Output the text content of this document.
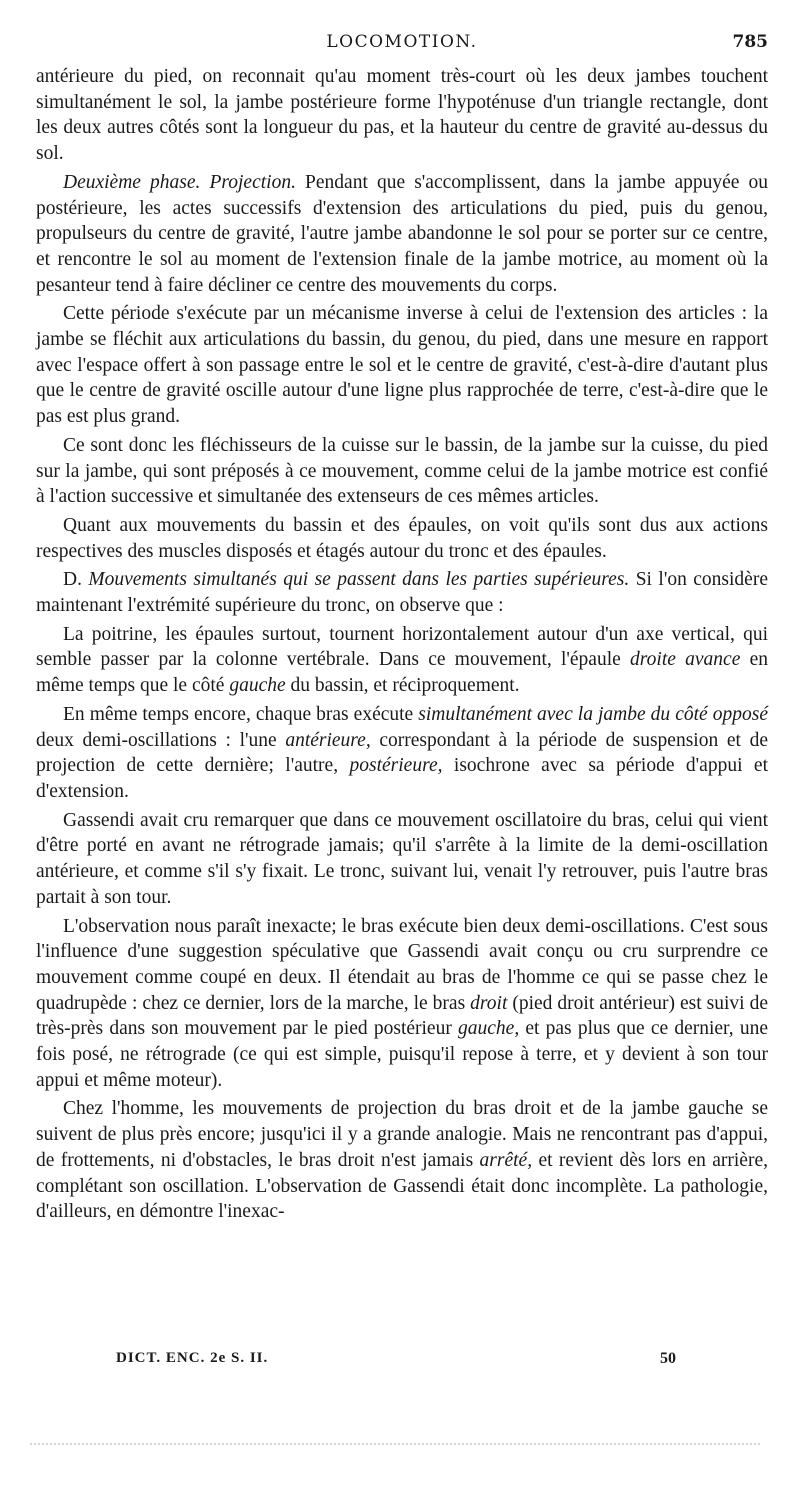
LOCOMOTION.	785

antérieure du pied, on reconnait qu'au moment très-court où les deux jambes touchent simultanément le sol, la jambe postérieure forme l'hypoténuse d'un triangle rectangle, dont les deux autres côtés sont la longueur du pas, et la hauteur du centre de gravité au-dessus du sol.

Deuxième phase. Projection. Pendant que s'accomplissent, dans la jambe appuyée ou postérieure, les actes successifs d'extension des articulations du pied, puis du genou, propulseurs du centre de gravité, l'autre jambe abandonne le sol pour se porter sur ce centre, et rencontre le sol au moment de l'extension finale de la jambe motrice, au moment où la pesanteur tend à faire décliner ce centre des mouvements du corps.

Cette période s'exécute par un mécanisme inverse à celui de l'extension des articles : la jambe se fléchit aux articulations du bassin, du genou, du pied, dans une mesure en rapport avec l'espace offert à son passage entre le sol et le centre de gravité, c'est-à-dire d'autant plus que le centre de gravité oscille autour d'une ligne plus rapprochée de terre, c'est-à-dire que le pas est plus grand.

Ce sont donc les fléchisseurs de la cuisse sur le bassin, de la jambe sur la cuisse, du pied sur la jambe, qui sont préposés à ce mouvement, comme celui de la jambe motrice est confié à l'action successive et simultanée des extenseurs de ces mêmes articles.

Quant aux mouvements du bassin et des épaules, on voit qu'ils sont dus aux actions respectives des muscles disposés et étagés autour du tronc et des épaules.

D. Mouvements simultanés qui se passent dans les parties supérieures. Si l'on considère maintenant l'extrémité supérieure du tronc, on observe que :

La poitrine, les épaules surtout, tournent horizontalement autour d'un axe vertical, qui semble passer par la colonne vertébrale. Dans ce mouvement, l'épaule droite avance en même temps que le côté gauche du bassin, et réciproquement.

En même temps encore, chaque bras exécute simultanément avec la jambe du côté opposé deux demi-oscillations : l'une antérieure, correspondant à la période de suspension et de projection de cette dernière; l'autre, postérieure, isochrone avec sa période d'appui et d'extension.

Gassendi avait cru remarquer que dans ce mouvement oscillatoire du bras, celui qui vient d'être porté en avant ne rétrograde jamais; qu'il s'arrête à la limite de la demi-oscillation antérieure, et comme s'il s'y fixait. Le tronc, suivant lui, venait l'y retrouver, puis l'autre bras partait à son tour.

L'observation nous paraît inexacte; le bras exécute bien deux demi-oscillations. C'est sous l'influence d'une suggestion spéculative que Gassendi avait conçu ou cru surprendre ce mouvement comme coupé en deux. Il étendait au bras de l'homme ce qui se passe chez le quadrupède : chez ce dernier, lors de la marche, le bras droit (pied droit antérieur) est suivi de très-près dans son mouvement par le pied postérieur gauche, et pas plus que ce dernier, une fois posé, ne rétrograde (ce qui est simple, puisqu'il repose à terre, et y devient à son tour appui et même moteur).

Chez l'homme, les mouvements de projection du bras droit et de la jambe gauche se suivent de plus près encore; jusqu'ici il y a grande analogie. Mais ne rencontrant pas d'appui, de frottements, ni d'obstacles, le bras droit n'est jamais arrêté, et revient dès lors en arrière, complétant son oscillation. L'observation de Gassendi était donc incomplète. La pathologie, d'ailleurs, en démontre l'inexac-

DICT. ENC. 2e S. II.	50
